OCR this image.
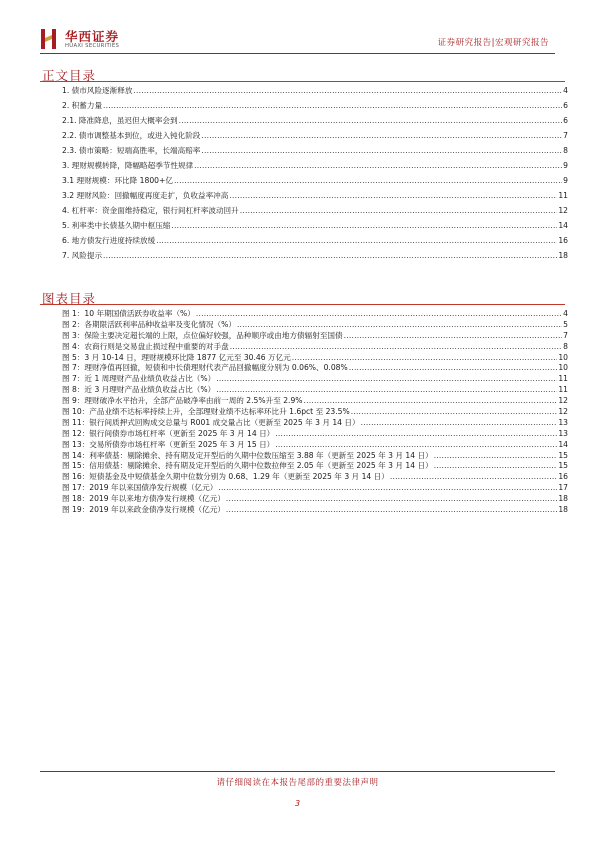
华西证券
HUAXI SECURITIES	证券研究报告|宏观研究报告
正文目录
1. 债市风险逐渐释放 .....	4
2. 积蓄力量 .....	6
2.1. 降准降息，虽迟但大概率会到 .....	6
2.2. 债市调整基本到位，或进入钝化阶段 .....	7
2.3. 债市策略：短端高胜率，长端高赔率 .....	8
3. 理财规模转降，降幅略超季节性规律 .....	9
3.1 理财规模：环比降 1800+亿 .....	9
3.2 理财风险：回撤幅度再度走扩，负收益率冲高 .....	11
4. 杠杆率：资金面维持稳定，银行间杠杆率波动回升 .....	12
5. 利率类中长债基久期中枢压缩 .....	14
6. 地方债发行进度持续放缓 .....	16
7. 风险提示 .....	18
图表目录
图 1：10 年期国债活跃券收益率（%） .....	4
图 2：各期限活跃利率品种收益率及变化情况（%） .....	5
图 3：保险主要决定超长端的上限，点位偏好较强，品种顺序或由地方债辐射至国债 .....	7
图 4：农商行则是交易盘止损过程中重要的对手盘 .....	8
图 5：3 月 10-14 日，理财规模环比降 1877 亿元至 30.46 万亿元 .....	10
图 7：理财净值再回撤，短债和中长债理财代表产品回撤幅度分别为 0.06%、0.08% .....	10
图 7：近 1 周理财产品业绩负收益占比（%） .....	11
图 8：近 3 月理财产品业绩负收益占比（%） .....	11
图 9：理财破净水平抬升，全部产品破净率由前一周的 2.5%升至 2.9% .....	12
图 10：产品业绩不达标率持续上升，全部理财业绩不达标率环比升 1.6pct 至 23.5% .....	12
图 11：银行间质押式回购成交总量与 R001 成交量占比（更新至 2025 年 3 月 14 日） .....	13
图 12：银行间债券市场杠杆率（更新至 2025 年 3 月 14 日） .....	13
图 13：交易所债券市场杠杆率（更新至 2025 年 3 月 15 日） .....	14
图 14：利率债基：剔除摊余、持有期及定开型后的久期中位数压缩至 3.88 年（更新至 2025 年 3 月 14 日） .....	15
图 15：信用债基：剔除摊余、持有期及定开型后的久期中位数拉伸至 2.05 年（更新至 2025 年 3 月 14 日） .....	15
图 16：短债基金及中短债基金久期中位数分别为 0.68、1.29 年（更新至 2025 年 3 月 14 日） .....	16
图 17：2019 年以来国债净发行规模（亿元） .....	17
图 18：2019 年以来地方债净发行规模（亿元） .....	18
图 19：2019 年以来政金债净发行规模（亿元） .....	18
请仔细阅读在本报告尾部的重要法律声明
3
